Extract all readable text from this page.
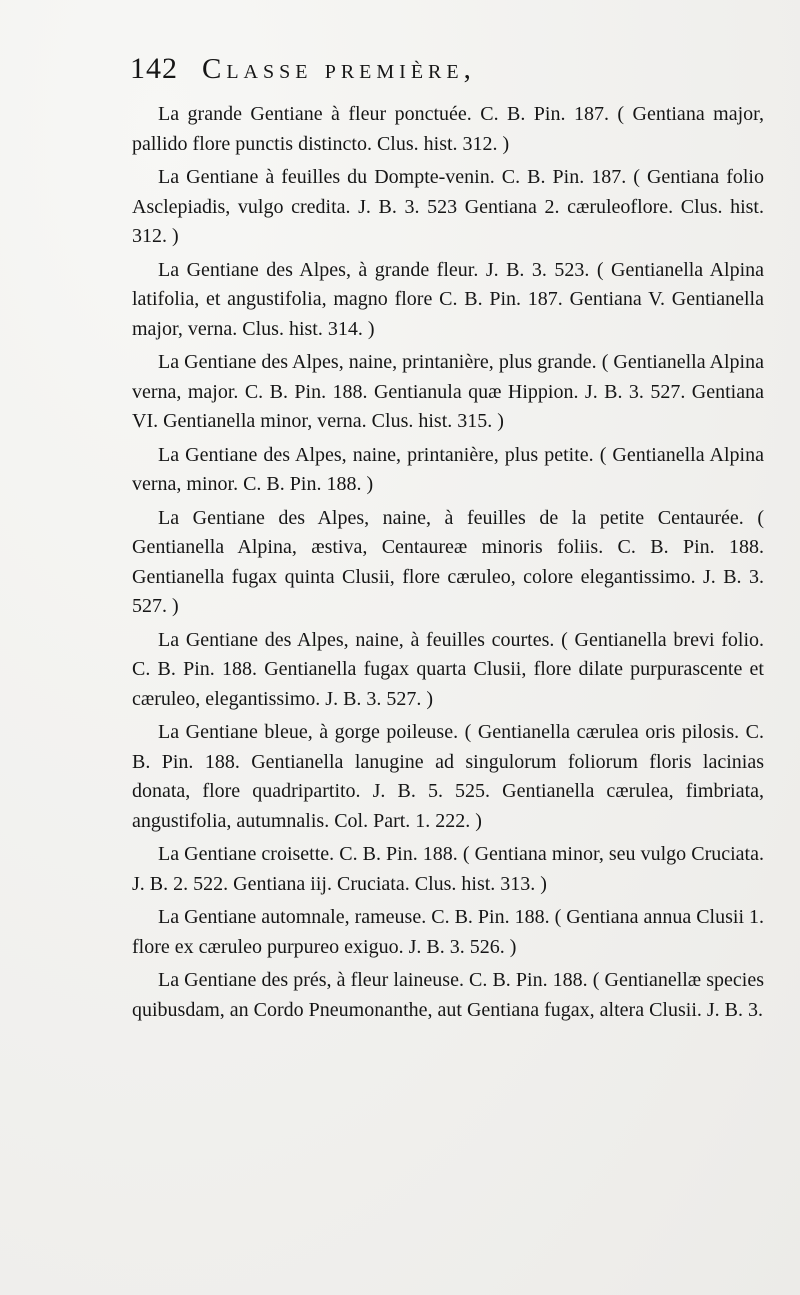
142 Classe première,

La grande Gentiane à fleur ponctuée. C. B. Pin. 187. ( Gentiana major, pallido flore punctis distincto. Clus. hist. 312. )

La Gentiane à feuilles du Dompte-venin. C. B. Pin. 187. ( Gentiana folio Asclepiadis, vulgo credita. J. B. 3. 523 Gentiana 2. cæruleoflore. Clus. hist. 312. )

La Gentiane des Alpes, à grande fleur. J. B. 3. 523. ( Gentianella Alpina latifolia, et angustifolia, magno flore C. B. Pin. 187. Gentiana V. Gentianella major, verna. Clus. hist. 314. )

La Gentiane des Alpes, naine, printanière, plus grande. ( Gentianella Alpina verna, major. C. B. Pin. 188. Gentianula quæ Hippion. J. B. 3. 527. Gentiana VI. Gentianella minor, verna. Clus. hist. 315. )

La Gentiane des Alpes, naine, printanière, plus petite. ( Gentianella Alpina verna, minor. C. B. Pin. 188. )

La Gentiane des Alpes, naine, à feuilles de la petite Centaurée. ( Gentianella Alpina, æstiva, Centaureæ minoris foliis. C. B. Pin. 188. Gentianella fugax quinta Clusii, flore cæruleo, colore elegantissimo. J. B. 3. 527. )

La Gentiane des Alpes, naine, à feuilles courtes. ( Gentianella brevi folio. C. B. Pin. 188. Gentianella fugax quarta Clusii, flore dilate purpurascente et cæruleo, elegantissimo. J. B. 3. 527. )

La Gentiane bleue, à gorge poileuse. ( Gentianella cærulea oris pilosis. C. B. Pin. 188. Gentianella lanugine ad singulorum foliorum floris lacinias donata, flore quadripartito. J. B. 5. 525. Gentianella cærulea, fimbriata, angustifolia, autumnalis. Col. Part. 1. 222. )

La Gentiane croisette. C. B. Pin. 188. ( Gentiana minor, seu vulgo Cruciata. J. B. 2. 522. Gentiana iij. Cruciata. Clus. hist. 313. )

La Gentiane automnale, rameuse. C. B. Pin. 188. ( Gentiana annua Clusii 1. flore ex cæruleo purpureo exiguo. J. B. 3. 526. )

La Gentiane des prés, à fleur laineuse. C. B. Pin. 188. ( Gentianellæ species quibusdam, an Cordo Pneumonanthe, aut Gentiana fugax, altera Clusii. J. B. 3.
